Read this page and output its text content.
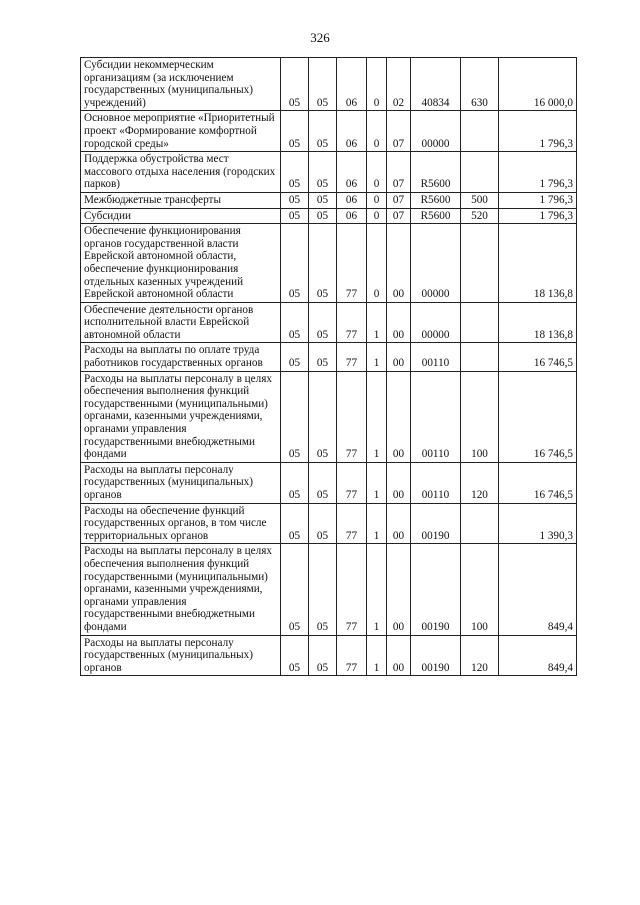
326
Субсидии некоммерческим организациям (за исключением государственных (муниципальных) учреждений)	05	05	06	0	02	40834	630	16 000,0
Основное мероприятие «Приоритетный проект «Формирование комфортной городской среды»	05	05	06	0	07	00000		1 796,3
Поддержка обустройства мест массового отдыха населения (городских парков)	05	05	06	0	07	R5600		1 796,3
Межбюджетные трансферты	05	05	06	0	07	R5600	500	1 796,3
Субсидии	05	05	06	0	07	R5600	520	1 796,3
Обеспечение функционирования органов государственной власти Еврейской автономной области, обеспечение функционирования отдельных казенных учреждений Еврейской автономной области	05	05	77	0	00	00000		18 136,8
Обеспечение деятельности органов исполнительной власти Еврейской автономной области	05	05	77	1	00	00000		18 136,8
Расходы на выплаты по оплате труда работников государственных органов	05	05	77	1	00	00110		16 746,5
Расходы на выплаты персоналу в целях обеспечения выполнения функций государственными (муниципальными) органами, казенными учреждениями, органами управления государственными внебюджетными фондами	05	05	77	1	00	00110	100	16 746,5
Расходы на выплаты персоналу государственных (муниципальных) органов	05	05	77	1	00	00110	120	16 746,5
Расходы на обеспечение функций государственных органов, в том числе территориальных органов	05	05	77	1	00	00190		1 390,3
Расходы на выплаты персоналу в целях обеспечения выполнения функций государственными (муниципальными) органами, казенными учреждениями, органами управления государственными внебюджетными фондами	05	05	77	1	00	00190	100	849,4
Расходы на выплаты персоналу государственных (муниципальных) органов	05	05	77	1	00	00190	120	849,4
